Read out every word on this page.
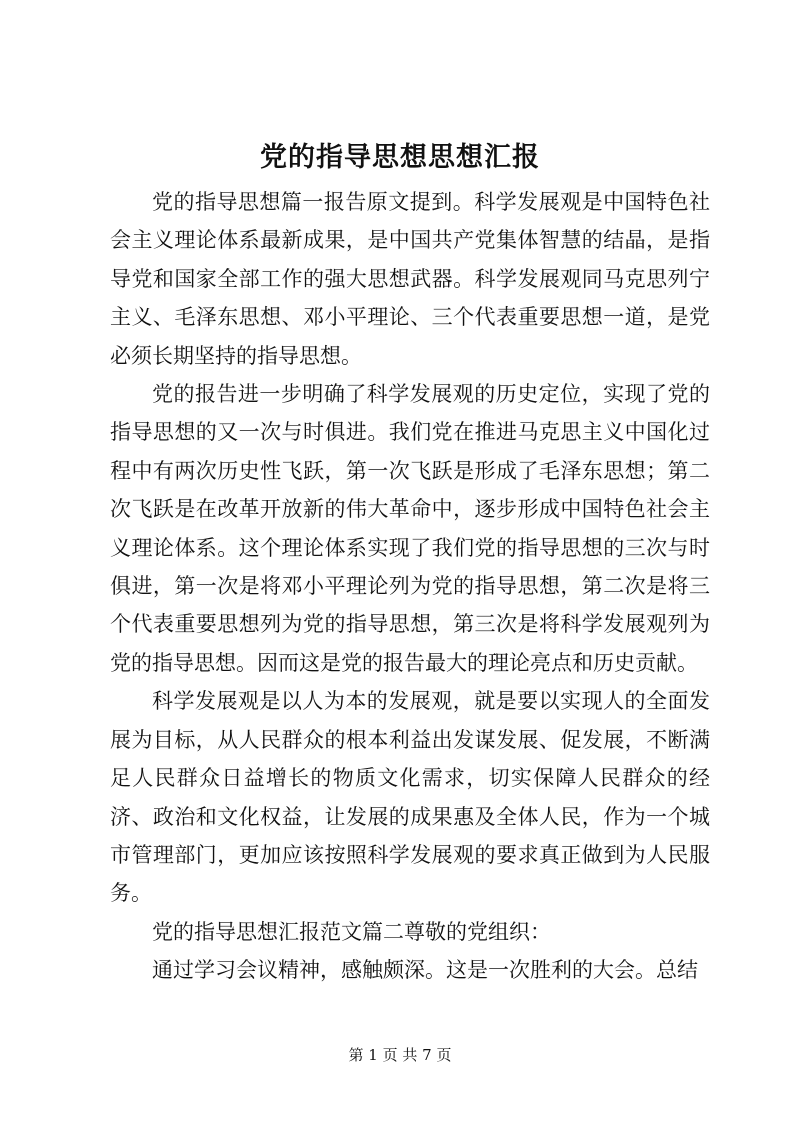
党的指导思想思想汇报

党的指导思想篇一报告原文提到。科学发展观是中国特色社会主义理论体系最新成果，是中国共产党集体智慧的结晶，是指导党和国家全部工作的强大思想武器。科学发展观同马克思列宁主义、毛泽东思想、邓小平理论、三个代表重要思想一道，是党必须长期坚持的指导思想。

党的报告进一步明确了科学发展观的历史定位，实现了党的指导思想的又一次与时俱进。我们党在推进马克思主义中国化过程中有两次历史性飞跃，第一次飞跃是形成了毛泽东思想；第二次飞跃是在改革开放新的伟大革命中，逐步形成中国特色社会主义理论体系。这个理论体系实现了我们党的指导思想的三次与时俱进，第一次是将邓小平理论列为党的指导思想，第二次是将三个代表重要思想列为党的指导思想，第三次是将科学发展观列为党的指导思想。因而这是党的报告最大的理论亮点和历史贡献。

科学发展观是以人为本的发展观，就是要以实现人的全面发展为目标，从人民群众的根本利益出发谋发展、促发展，不断满足人民群众日益增长的物质文化需求，切实保障人民群众的经济、政治和文化权益，让发展的成果惠及全体人民，作为一个城市管理部门，更加应该按照科学发展观的要求真正做到为人民服务。

党的指导思想汇报范文篇二尊敬的党组织：

通过学习会议精神，感触颇深。这是一次胜利的大会。总结

第 1 页 共 7 页
